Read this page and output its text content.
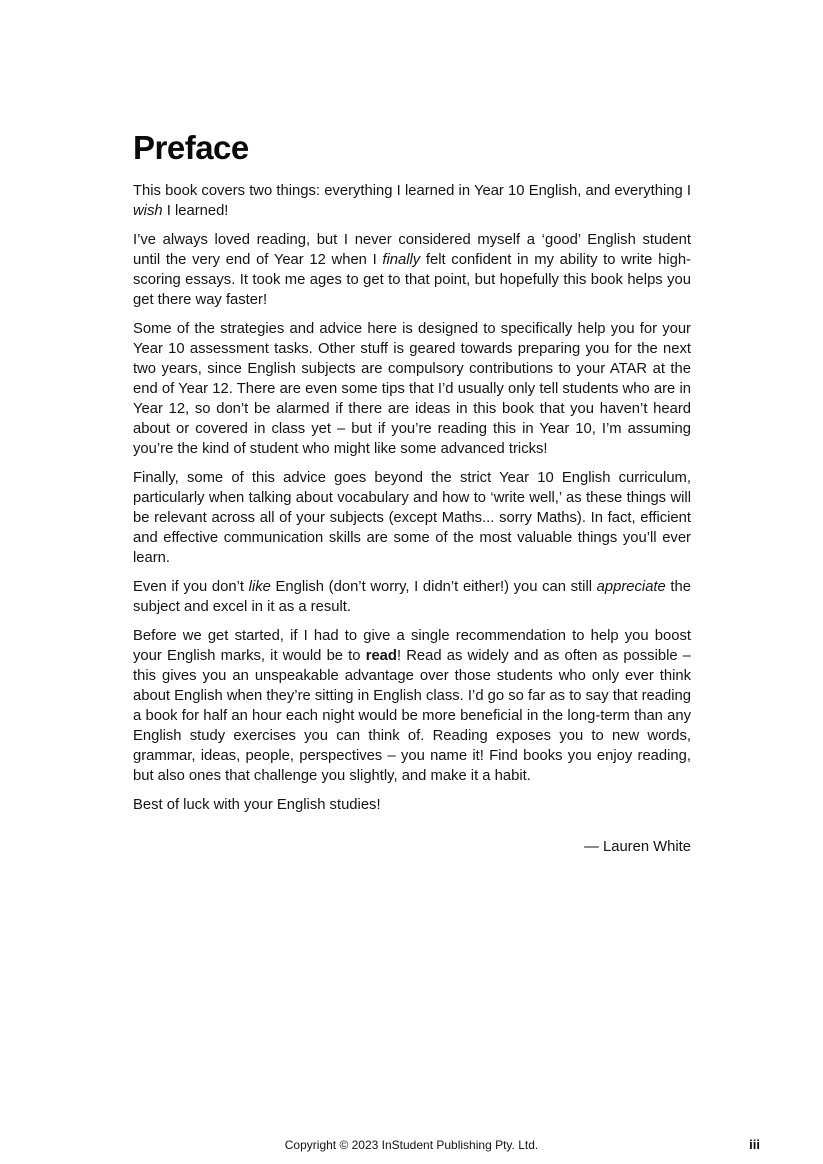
Preface

This book covers two things: everything I learned in Year 10 English, and everything I wish I learned!

I’ve always loved reading, but I never considered myself a ‘good’ English student until the very end of Year 12 when I finally felt confident in my ability to write high-scoring essays. It took me ages to get to that point, but hopefully this book helps you get there way faster!

Some of the strategies and advice here is designed to specifically help you for your Year 10 assessment tasks. Other stuff is geared towards preparing you for the next two years, since English subjects are compulsory contributions to your ATAR at the end of Year 12. There are even some tips that I’d usually only tell students who are in Year 12, so don’t be alarmed if there are ideas in this book that you haven’t heard about or covered in class yet – but if you’re reading this in Year 10, I’m assuming you’re the kind of student who might like some advanced tricks!

Finally, some of this advice goes beyond the strict Year 10 English curriculum, particularly when talking about vocabulary and how to ‘write well,’ as these things will be relevant across all of your subjects (except Maths... sorry Maths). In fact, efficient and effective communication skills are some of the most valuable things you’ll ever learn.

Even if you don’t like English (don’t worry, I didn’t either!) you can still appreciate the subject and excel in it as a result.

Before we get started, if I had to give a single recommendation to help you boost your English marks, it would be to read! Read as widely and as often as possible – this gives you an unspeakable advantage over those students who only ever think about English when they’re sitting in English class. I’d go so far as to say that reading a book for half an hour each night would be more beneficial in the long-term than any English study exercises you can think of. Reading exposes you to new words, grammar, ideas, people, perspectives – you name it! Find books you enjoy reading, but also ones that challenge you slightly, and make it a habit.

Best of luck with your English studies!

— Lauren White
Copyright © 2023 InStudent Publishing Pty. Ltd.	iii
